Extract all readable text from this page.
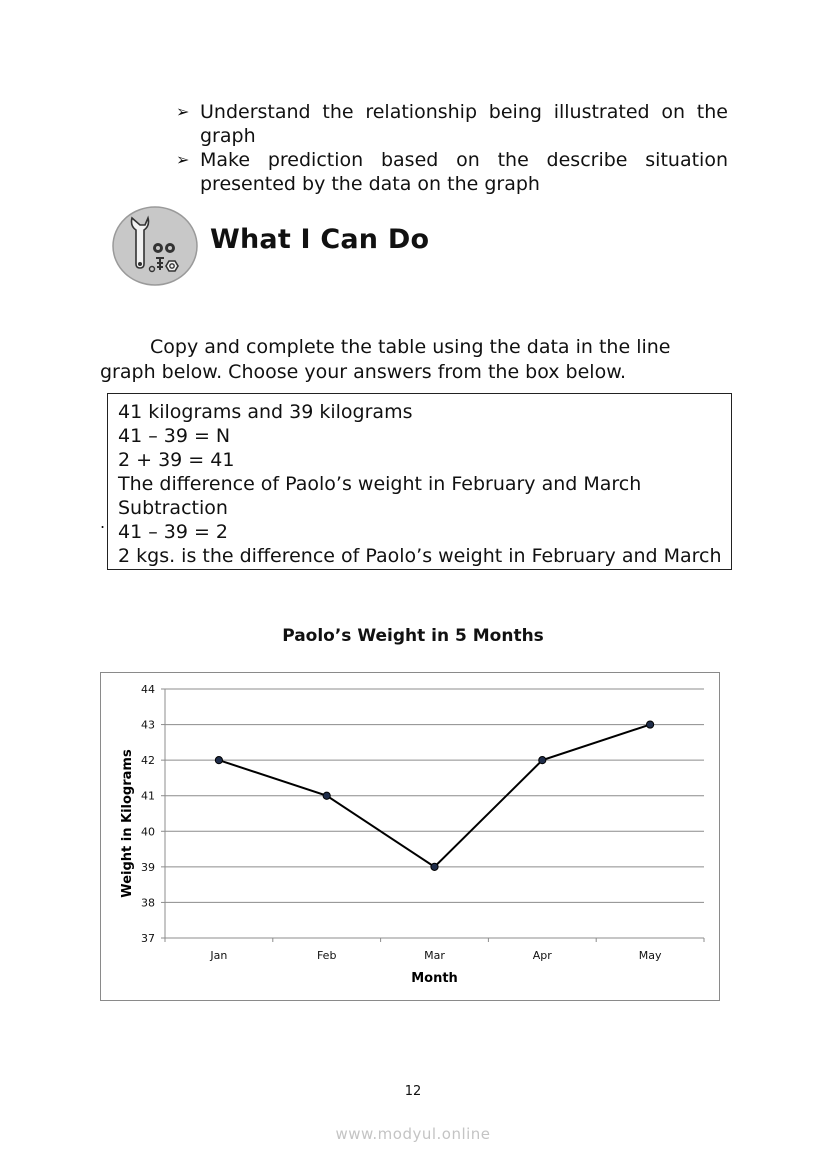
➢ Understand the relationship being illustrated on the graph
➢ Make prediction based on the describe situation presented by the data on the graph
What I Can Do
Copy and complete the table using the data in the line
graph below. Choose your answers from the box below.
.
41 kilograms and 39 kilograms
41 – 39 = N
2 + 39 = 41
The difference of Paolo’s weight in February and March
Subtraction
41 – 39 = 2
2 kgs. is the difference of Paolo’s weight in February and March
Paolo’s Weight in 5 Months
37
38
39
40
41
42
43
44
Jan	Feb	Mar	Apr	May
Month
Weight in Kilograms
12
www.modyul.online
